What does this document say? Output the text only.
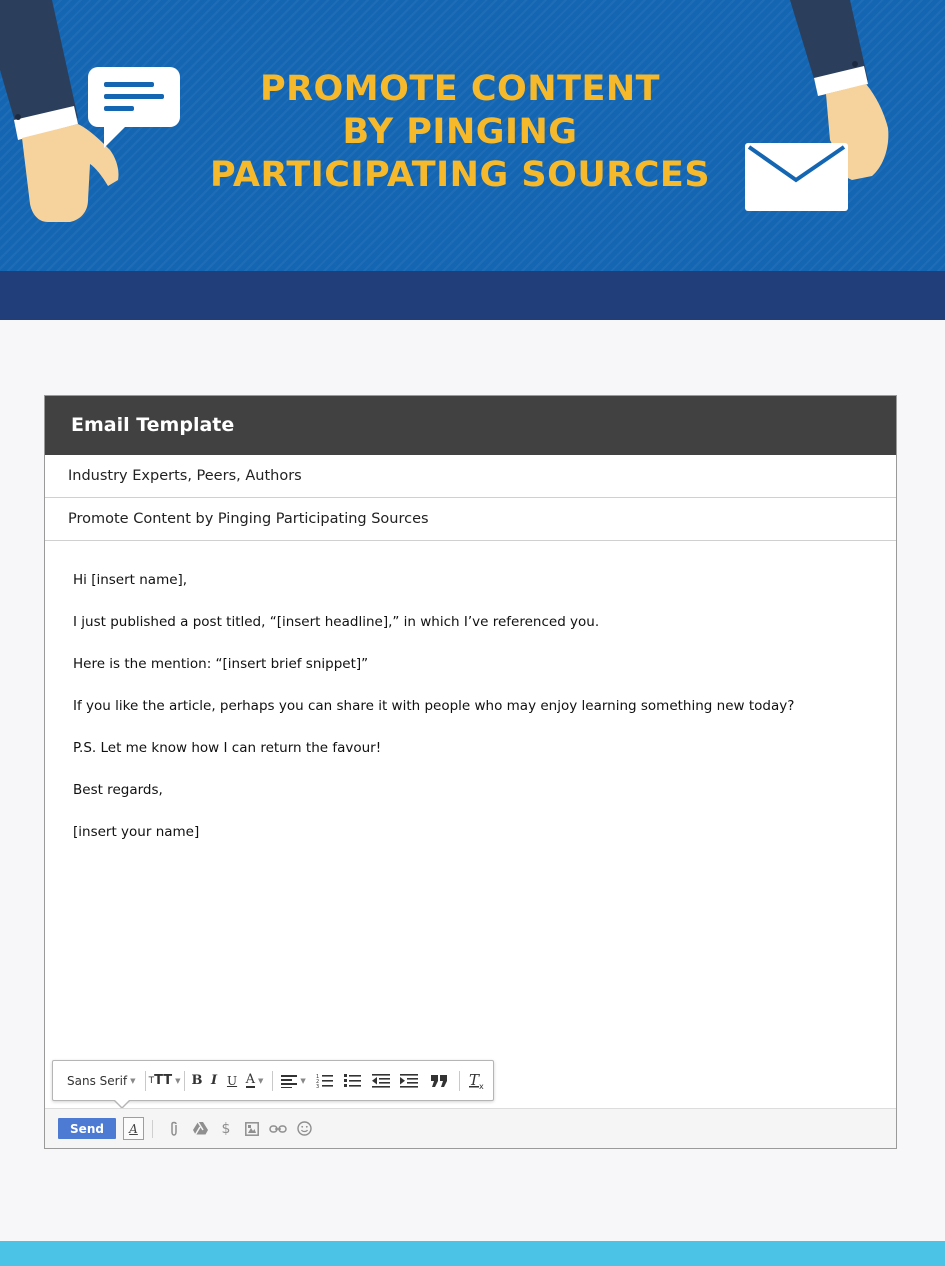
PROMOTE CONTENT
BY PINGING
PARTICIPATING SOURCES
Email Template
Industry Experts, Peers, Authors
Promote Content by Pinging Participating Sources
Hi [insert name],
I just published a post titled, “[insert headline],” in which I’ve referenced you.
Here is the mention: “[insert brief snippet]”
If you like the article, perhaps you can share it with people who may enjoy learning something new today?
P.S. Let me know how I can return the favour!
Best regards,
[insert your name]
Sans Serif ▼ T TT ▼ B I U A ▼	▼ 1
2
3	T x
Send	A	$
